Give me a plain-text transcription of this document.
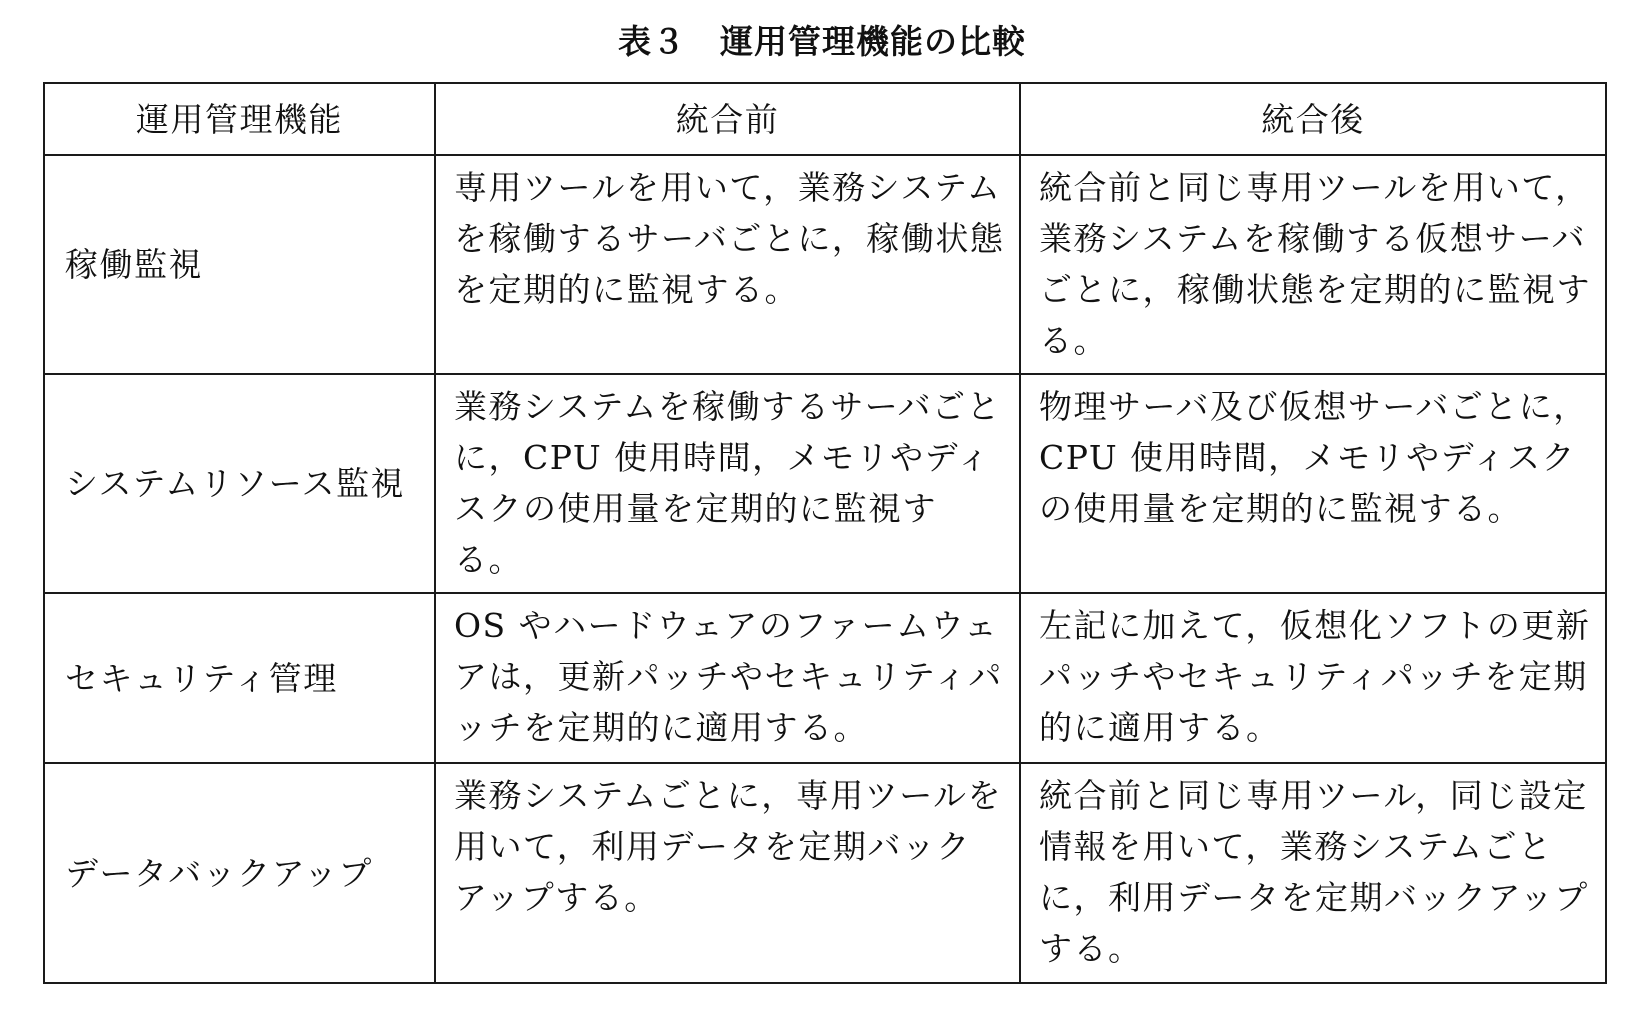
表３　運用管理機能の比較
運用管理機能	統合前	統合後
稼働監視	専用ツールを用いて，業務システムを稼働するサーバごとに，稼働状態を定期的に監視する。	統合前と同じ専用ツールを用いて，業務システムを稼働する仮想サーバごとに，稼働状態を定期的に監視する。
システムリソース監視	業務システムを稼働するサーバごとに，CPU 使用時間，メモリやディスクの使用量を定期的に監視する。	物理サーバ及び仮想サーバごとに，CPU 使用時間，メモリやディスクの使用量を定期的に監視する。
セキュリティ管理	OS やハードウェアのファームウェアは，更新パッチやセキュリティパッチを定期的に適用する。	左記に加えて，仮想化ソフトの更新パッチやセキュリティパッチを定期的に適用する。
データバックアップ	業務システムごとに，専用ツールを用いて，利用データを定期バックアップする。	統合前と同じ専用ツール，同じ設定情報を用いて，業務システムごとに，利用データを定期バックアップする。
